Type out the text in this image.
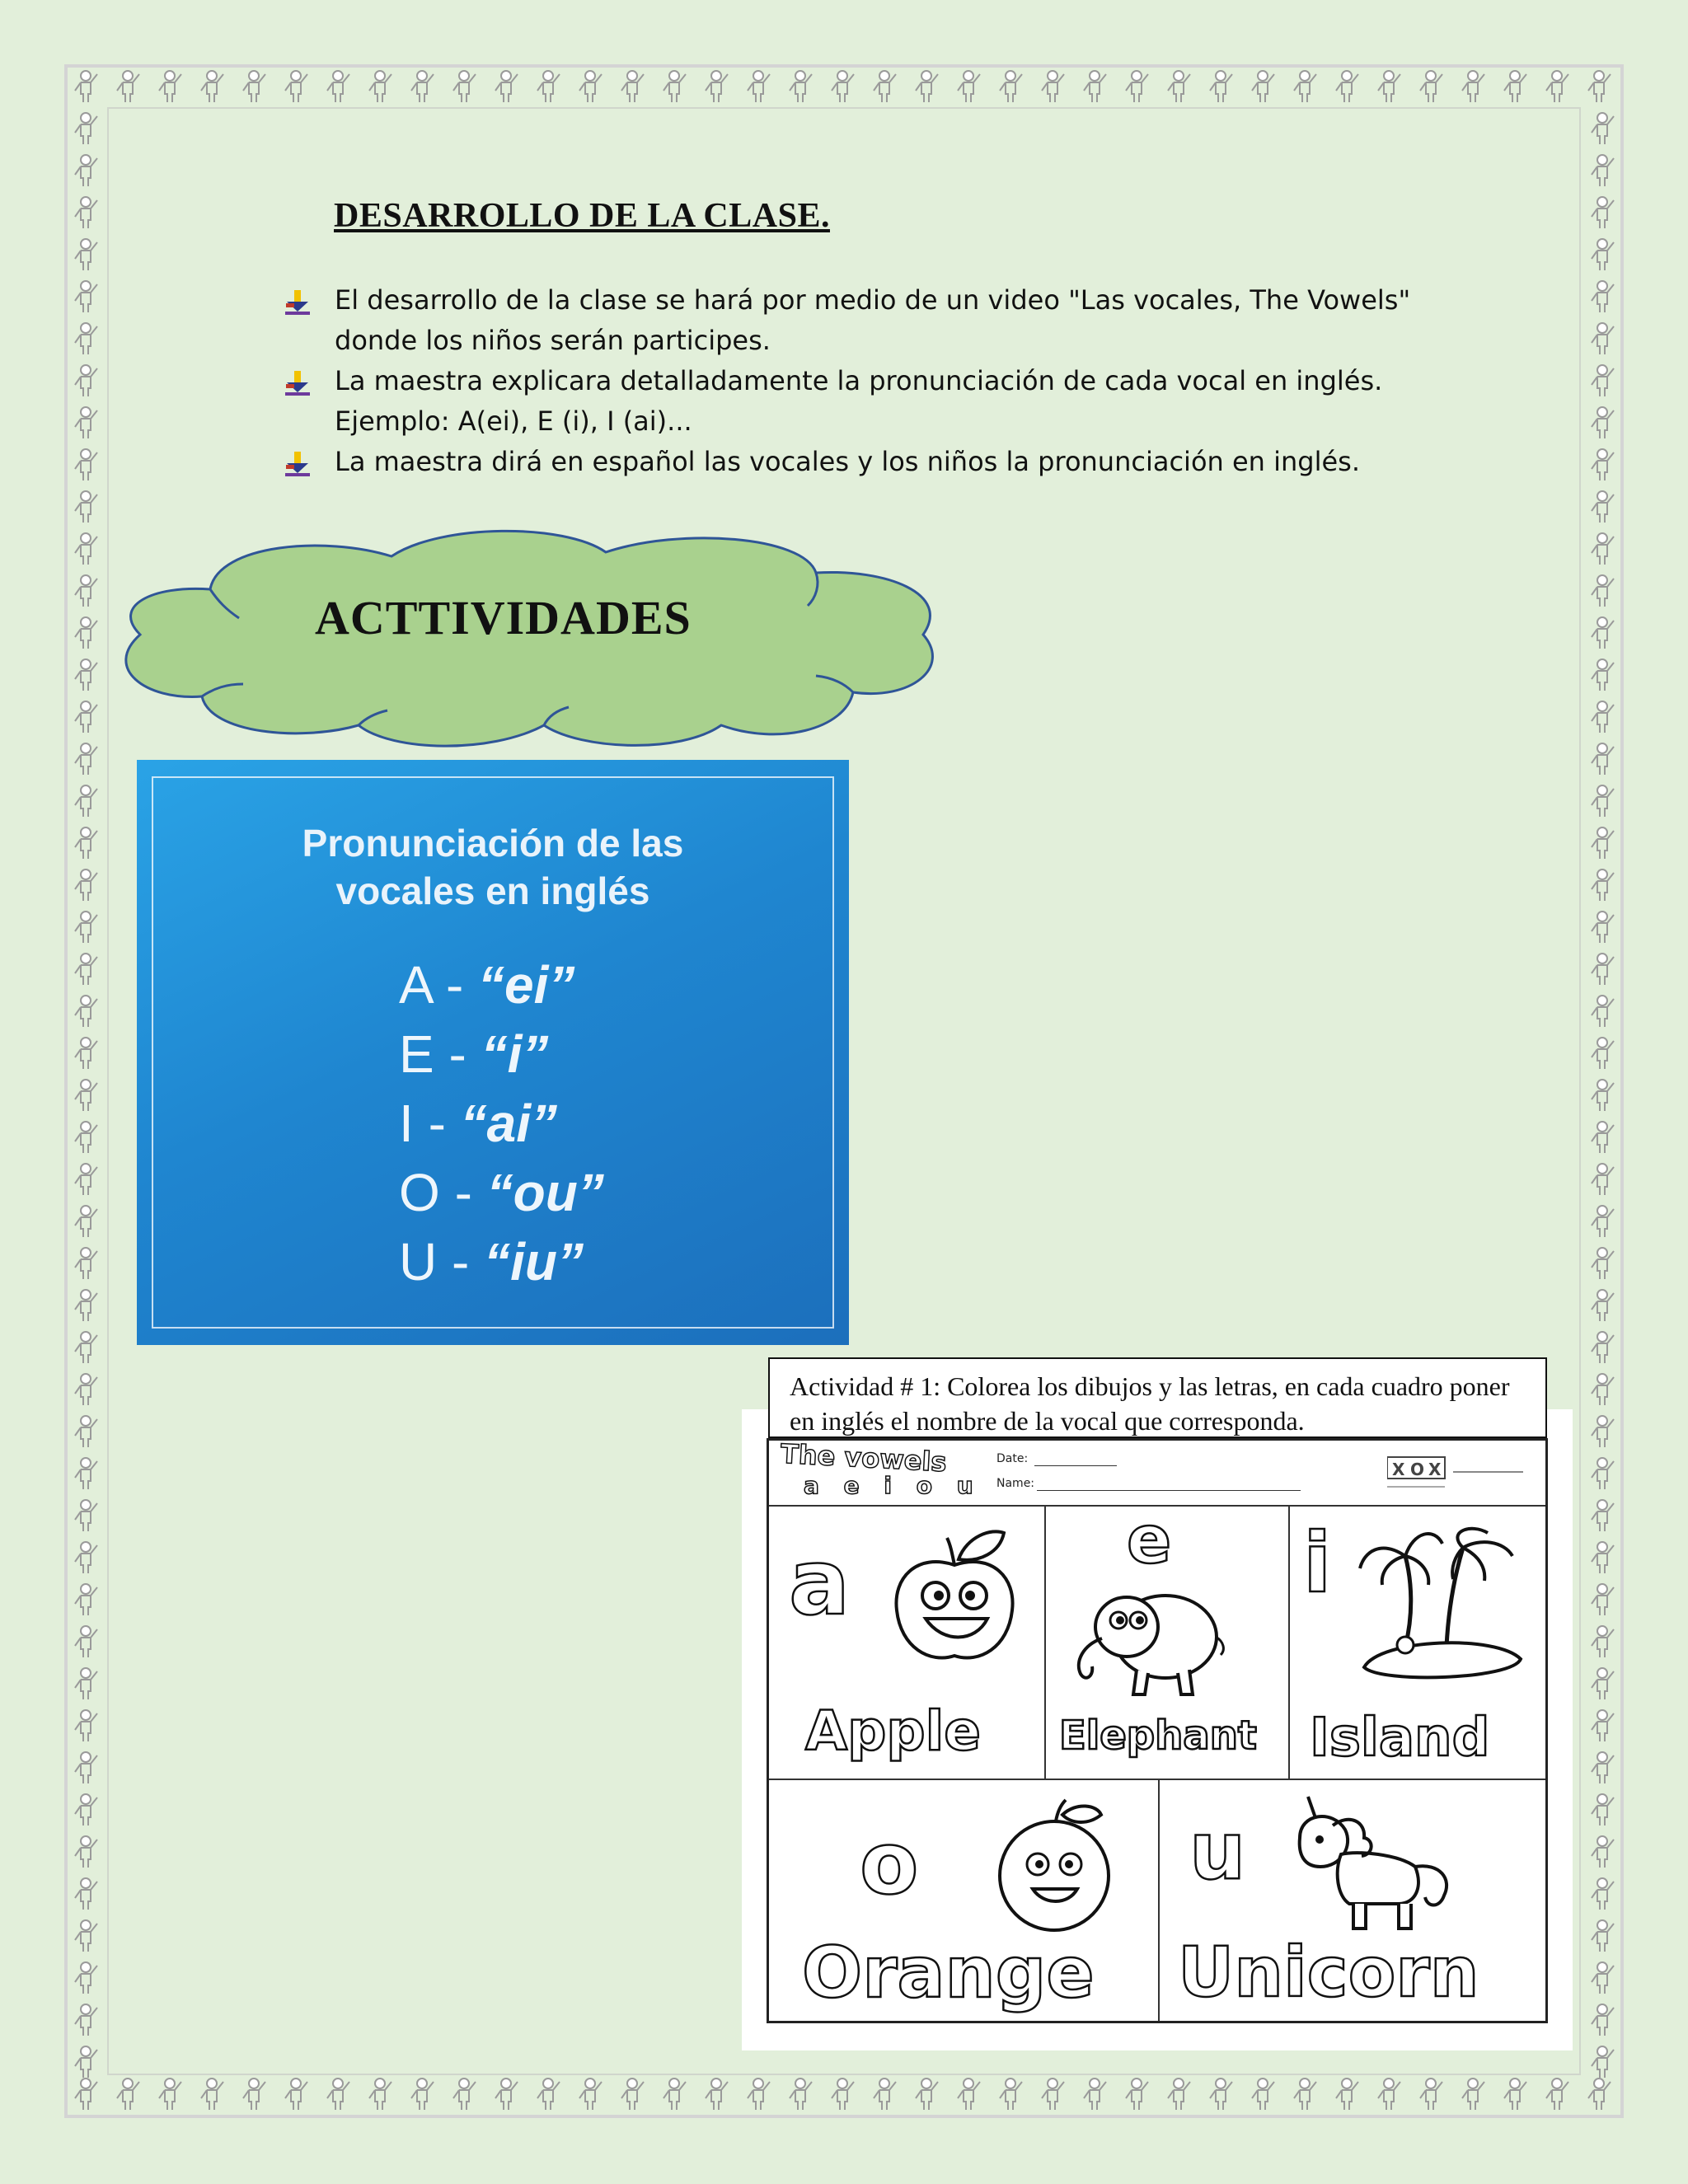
DESARROLLO DE LA CLASE.
El desarrollo de la clase se hará por medio de un video "Las vocales, The Vowels" donde los niños serán participes.
La maestra explicara detalladamente la pronunciación de cada vocal en inglés. Ejemplo: A(ei), E (i), I (ai)...
La maestra dirá en español las vocales y los niños la pronunciación en inglés.
ACTTIVIDADES

Pronunciación de las

vocales en inglés

A - “ei”
E - “i”
I - “ai”
O - “ou”
U - “iu”
Actividad # 1: Colorea los dibujos y las letras, en cada cuadro poner en inglés el nombre de la vocal que corresponda.
The vowels
a e i o u
Date:
Name:
X O X
a
Apple
e
Elephant
i
Island
o
Orange
u
Unicorn
